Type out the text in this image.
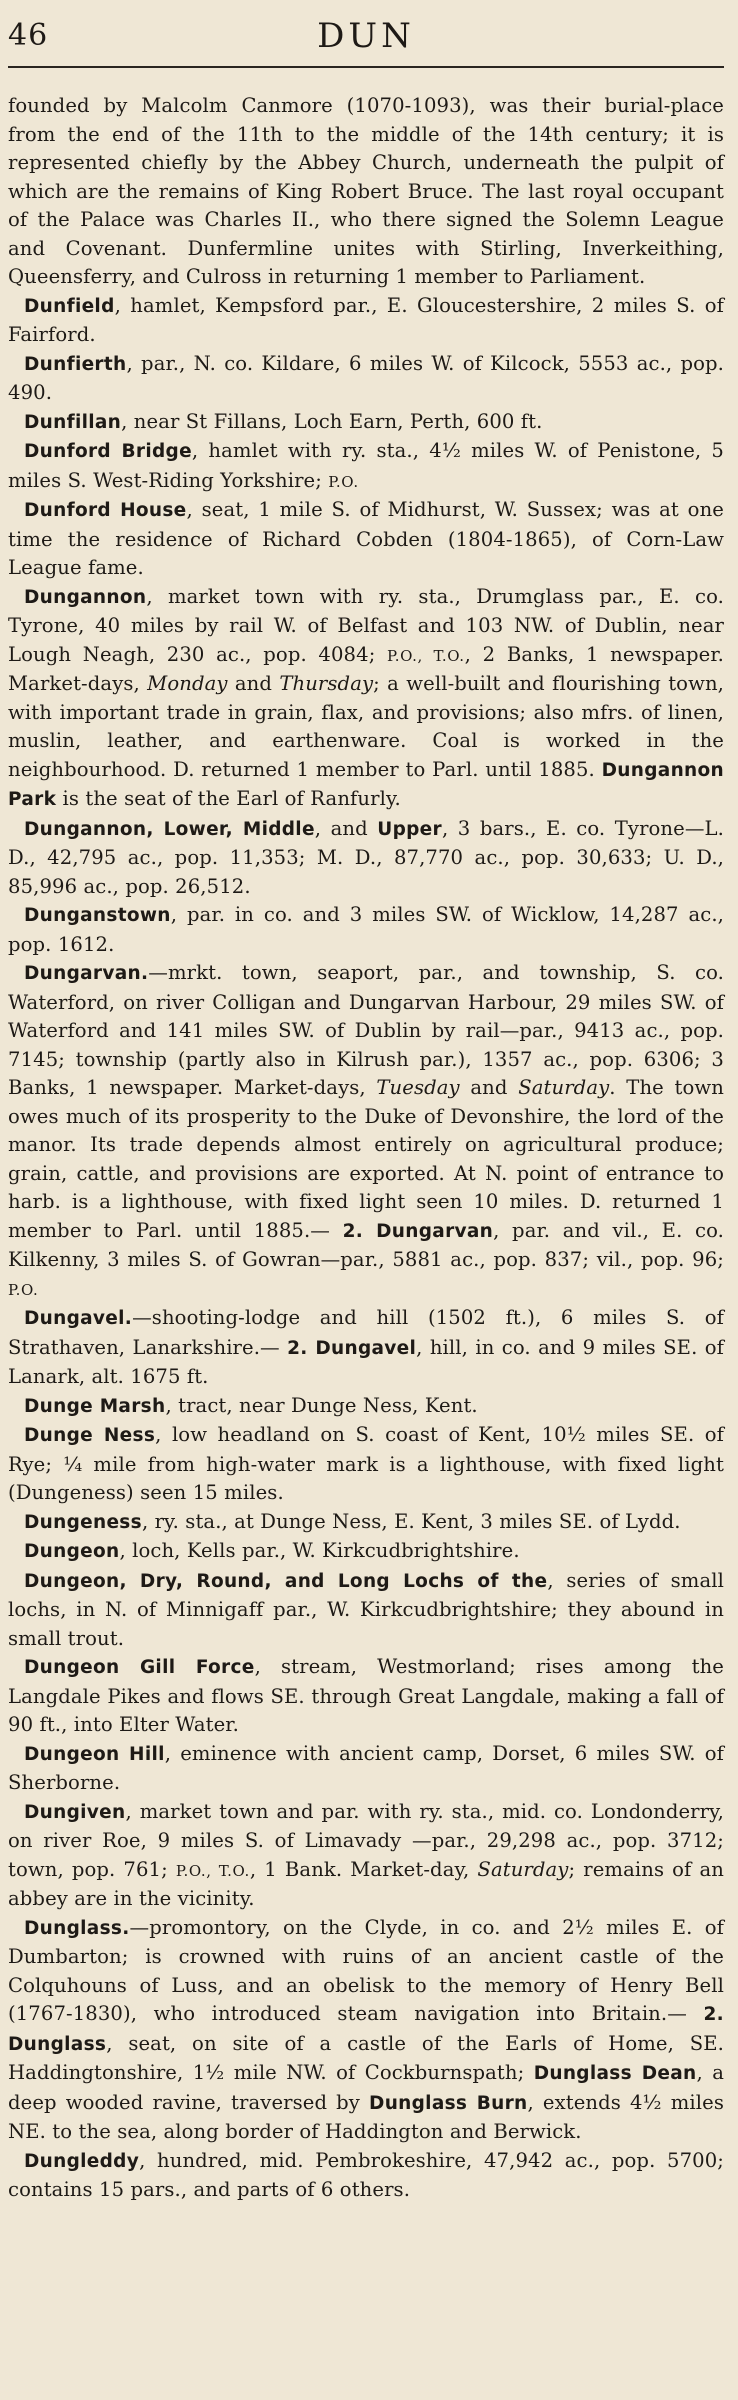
46	DUN

founded by Malcolm Canmore (1070-1093), was their burial-place from the end of the 11th to the middle of the 14th century; it is represented chiefly by the Abbey Church, underneath the pulpit of which are the remains of King Robert Bruce. The last royal occupant of the Palace was Charles II., who there signed the Solemn League and Covenant. Dunfermline unites with Stirling, Inverkeithing, Queensferry, and Culross in returning 1 member to Parliament.

Dunfield, hamlet, Kempsford par., E. Gloucestershire, 2 miles S. of Fairford.

Dunfierth, par., N. co. Kildare, 6 miles W. of Kilcock, 5553 ac., pop. 490.

Dunfillan, near St Fillans, Loch Earn, Perth, 600 ft.

Dunford Bridge, hamlet with ry. sta., 4½ miles W. of Penistone, 5 miles S. West-Riding Yorkshire; P.O.

Dunford House, seat, 1 mile S. of Midhurst, W. Sussex; was at one time the residence of Richard Cobden (1804-1865), of Corn-Law League fame.

Dungannon, market town with ry. sta., Drumglass par., E. co. Tyrone, 40 miles by rail W. of Belfast and 103 NW. of Dublin, near Lough Neagh, 230 ac., pop. 4084; P.O., T.O., 2 Banks, 1 newspaper. Market-days, Monday and Thursday; a well-built and flourishing town, with important trade in grain, flax, and provisions; also mfrs. of linen, muslin, leather, and earthenware. Coal is worked in the neighbourhood. D. returned 1 member to Parl. until 1885. Dungannon Park is the seat of the Earl of Ranfurly.

Dungannon, Lower, Middle, and Upper, 3 bars., E. co. Tyrone—L. D., 42,795 ac., pop. 11,353; M. D., 87,770 ac., pop. 30,633; U. D., 85,996 ac., pop. 26,512.

Dunganstown, par. in co. and 3 miles SW. of Wicklow, 14,287 ac., pop. 1612.

Dungarvan.—mrkt. town, seaport, par., and township, S. co. Waterford, on river Colligan and Dungarvan Harbour, 29 miles SW. of Waterford and 141 miles SW. of Dublin by rail—par., 9413 ac., pop. 7145; township (partly also in Kilrush par.), 1357 ac., pop. 6306; 3 Banks, 1 newspaper. Market-days, Tuesday and Saturday. The town owes much of its prosperity to the Duke of Devonshire, the lord of the manor. Its trade depends almost entirely on agricultural produce; grain, cattle, and provisions are exported. At N. point of entrance to harb. is a lighthouse, with fixed light seen 10 miles. D. returned 1 member to Parl. until 1885.— 2. Dungarvan, par. and vil., E. co. Kilkenny, 3 miles S. of Gowran—par., 5881 ac., pop. 837; vil., pop. 96; P.O.

Dungavel.—shooting-lodge and hill (1502 ft.), 6 miles S. of Strathaven, Lanarkshire.— 2. Dungavel, hill, in co. and 9 miles SE. of Lanark, alt. 1675 ft.

Dunge Marsh, tract, near Dunge Ness, Kent.

Dunge Ness, low headland on S. coast of Kent, 10½ miles SE. of Rye; ¼ mile from high-water mark is a lighthouse, with fixed light (Dungeness) seen 15 miles.

Dungeness, ry. sta., at Dunge Ness, E. Kent, 3 miles SE. of Lydd.

Dungeon, loch, Kells par., W. Kirkcudbrightshire.

Dungeon, Dry, Round, and Long Lochs of the, series of small lochs, in N. of Minnigaff par., W. Kirkcudbrightshire; they abound in small trout.

Dungeon Gill Force, stream, Westmorland; rises among the Langdale Pikes and flows SE. through Great Langdale, making a fall of 90 ft., into Elter Water.

Dungeon Hill, eminence with ancient camp, Dorset, 6 miles SW. of Sherborne.

Dungiven, market town and par. with ry. sta., mid. co. Londonderry, on river Roe, 9 miles S. of Limavady —par., 29,298 ac., pop. 3712; town, pop. 761; P.O., T.O., 1 Bank. Market-day, Saturday; remains of an abbey are in the vicinity.

Dunglass.—promontory, on the Clyde, in co. and 2½ miles E. of Dumbarton; is crowned with ruins of an ancient castle of the Colquhouns of Luss, and an obelisk to the memory of Henry Bell (1767-1830), who introduced steam navigation into Britain.— 2. Dunglass, seat, on site of a castle of the Earls of Home, SE. Haddingtonshire, 1½ mile NW. of Cockburnspath; Dunglass Dean, a deep wooded ravine, traversed by Dunglass Burn, extends 4½ miles NE. to the sea, along border of Haddington and Berwick.

Dungleddy, hundred, mid. Pembrokeshire, 47,942 ac., pop. 5700; contains 15 pars., and parts of 6 others.
